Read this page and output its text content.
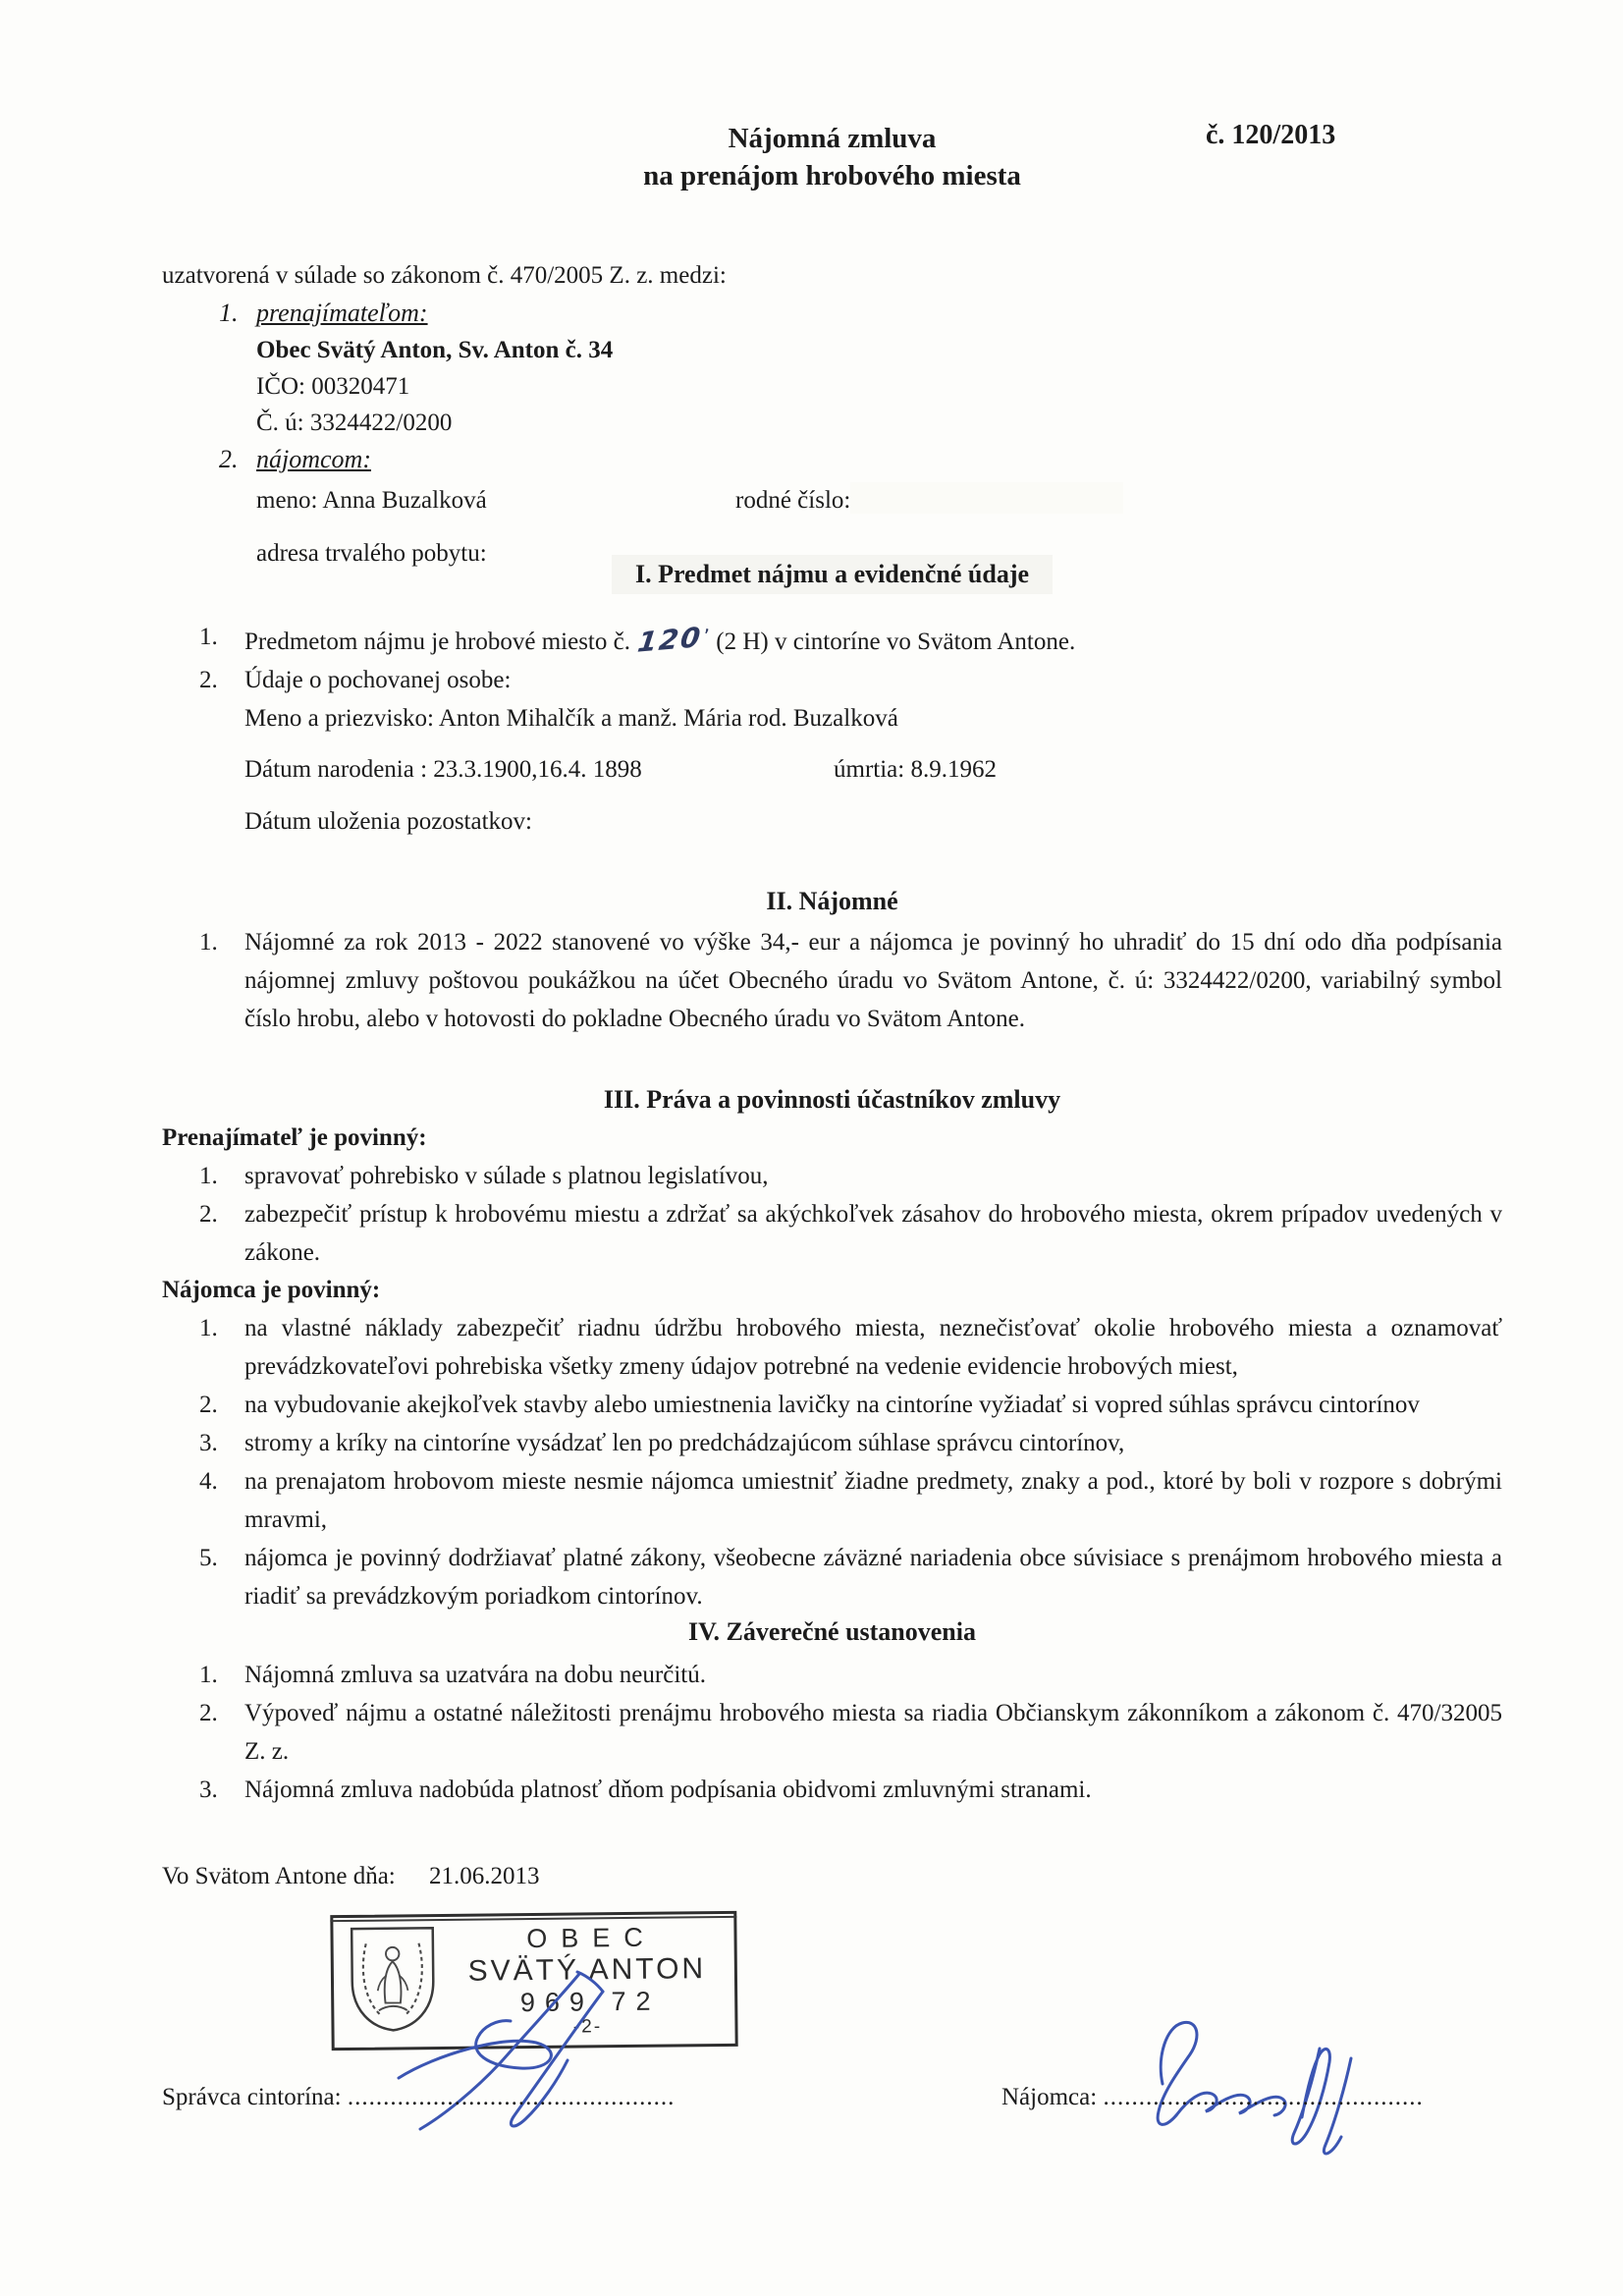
č. 120/2013
Nájomná zmluva
na prenájom hrobového miesta
uzatvorená v súlade so zákonom č. 470/2005 Z. z. medzi:
1. prenajímateľom:
Obec Svätý Anton, Sv. Anton č. 34
IČO: 00320471
Č. ú: 3324422/0200
2. nájomcom:
meno: Anna Buzalková	rodné číslo:
adresa trvalého pobytu:
I. Predmet nájmu a evidenčné údaje
1.	Predmetom nájmu je hrobové miesto č. $120^ʼ$ (2 H) v cintoríne vo Svätom Antone.
2.	Údaje o pochovanej osobe:
Meno a priezvisko: Anton Mihalčík a manž. Mária rod. Buzalková
Dátum narodenia : 23.3.1900,16.4. 1898	úmrtia: 8.9.1962
Dátum uloženia pozostatkov:
II. Nájomné
1.	Nájomné za rok 2013 - 2022 stanovené vo výške 34,- eur a nájomca je povinný ho uhradiť do 15 dní odo dňa podpísania nájomnej zmluvy poštovou poukážkou na účet Obecného úradu vo Svätom Antone, č. ú: 3324422/0200, variabilný symbol číslo hrobu, alebo v hotovosti do pokladne Obecného úradu vo Svätom Antone.
III. Práva a povinnosti účastníkov zmluvy
Prenajímateľ je povinný:
1.	spravovať pohrebisko v súlade s platnou legislatívou,
2.	zabezpečiť prístup k hrobovému miestu a zdržať sa akýchkoľvek zásahov do hrobového miesta, okrem prípadov uvedených v zákone.
Nájomca je povinný:
1.	na vlastné náklady zabezpečiť riadnu údržbu hrobového miesta, neznečisťovať okolie hrobového miesta a oznamovať prevádzkovateľovi pohrebiska všetky zmeny údajov potrebné na vedenie evidencie hrobových miest,
2.	na vybudovanie akejkoľvek stavby alebo umiestnenia lavičky na cintoríne vyžiadať si vopred súhlas správcu cintorínov
3.	stromy a kríky na cintoríne vysádzať len po predchádzajúcom súhlase správcu cintorínov,
4.	na prenajatom hrobovom mieste nesmie nájomca umiestniť žiadne predmety, znaky a pod., ktoré by boli v rozpore s dobrými mravmi,
5.	nájomca je povinný dodržiavať platné zákony, všeobecne záväzné nariadenia obce súvisiace s prenájmom hrobového miesta a riadiť sa prevádzkovým poriadkom cintorínov.
IV. Záverečné ustanovenia
1.	Nájomná zmluva sa uzatvára na dobu neurčitú.
2.	Výpoveď nájmu a ostatné náležitosti prenájmu hrobového miesta sa riadia Občianskym zákonníkom a zákonom č. 470/32005 Z. z.
3.	Nájomná zmluva nadobúda platnosť dňom podpísania obidvomi zmluvnými stranami.
Vo Svätom Antone dňa: 21.06.2013
OBEC
SVÄTÝ ANTON
969 72
-2-
Správca cintorína: ..............................................	Nájomca: .............................................
